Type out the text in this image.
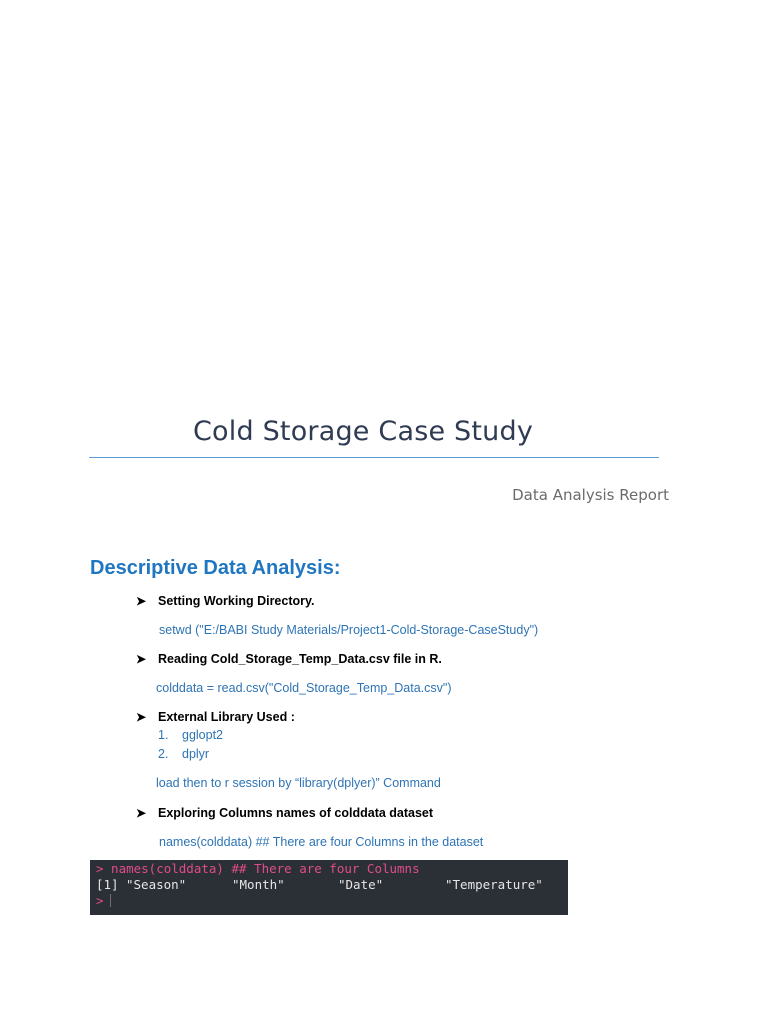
Cold Storage Case Study
Data Analysis Report
Descriptive Data Analysis:
➤ Setting Working Directory.
setwd ("E:/BABI Study Materials/Project1-Cold-Storage-CaseStudy")
➤ Reading Cold_Storage_Temp_Data.csv file in R.
colddata = read.csv("Cold_Storage_Temp_Data.csv")
➤ External Library Used :
1. gglopt2
2. dplyr
load then to r session by “library(dplyer)” Command
➤ Exploring Columns names of colddata dataset
names(colddata) ## There are four Columns in the dataset
> names(colddata) ## There are four Columns

[1]

"Season"

	"Month"

	"Date"

	"Temperature"

>
